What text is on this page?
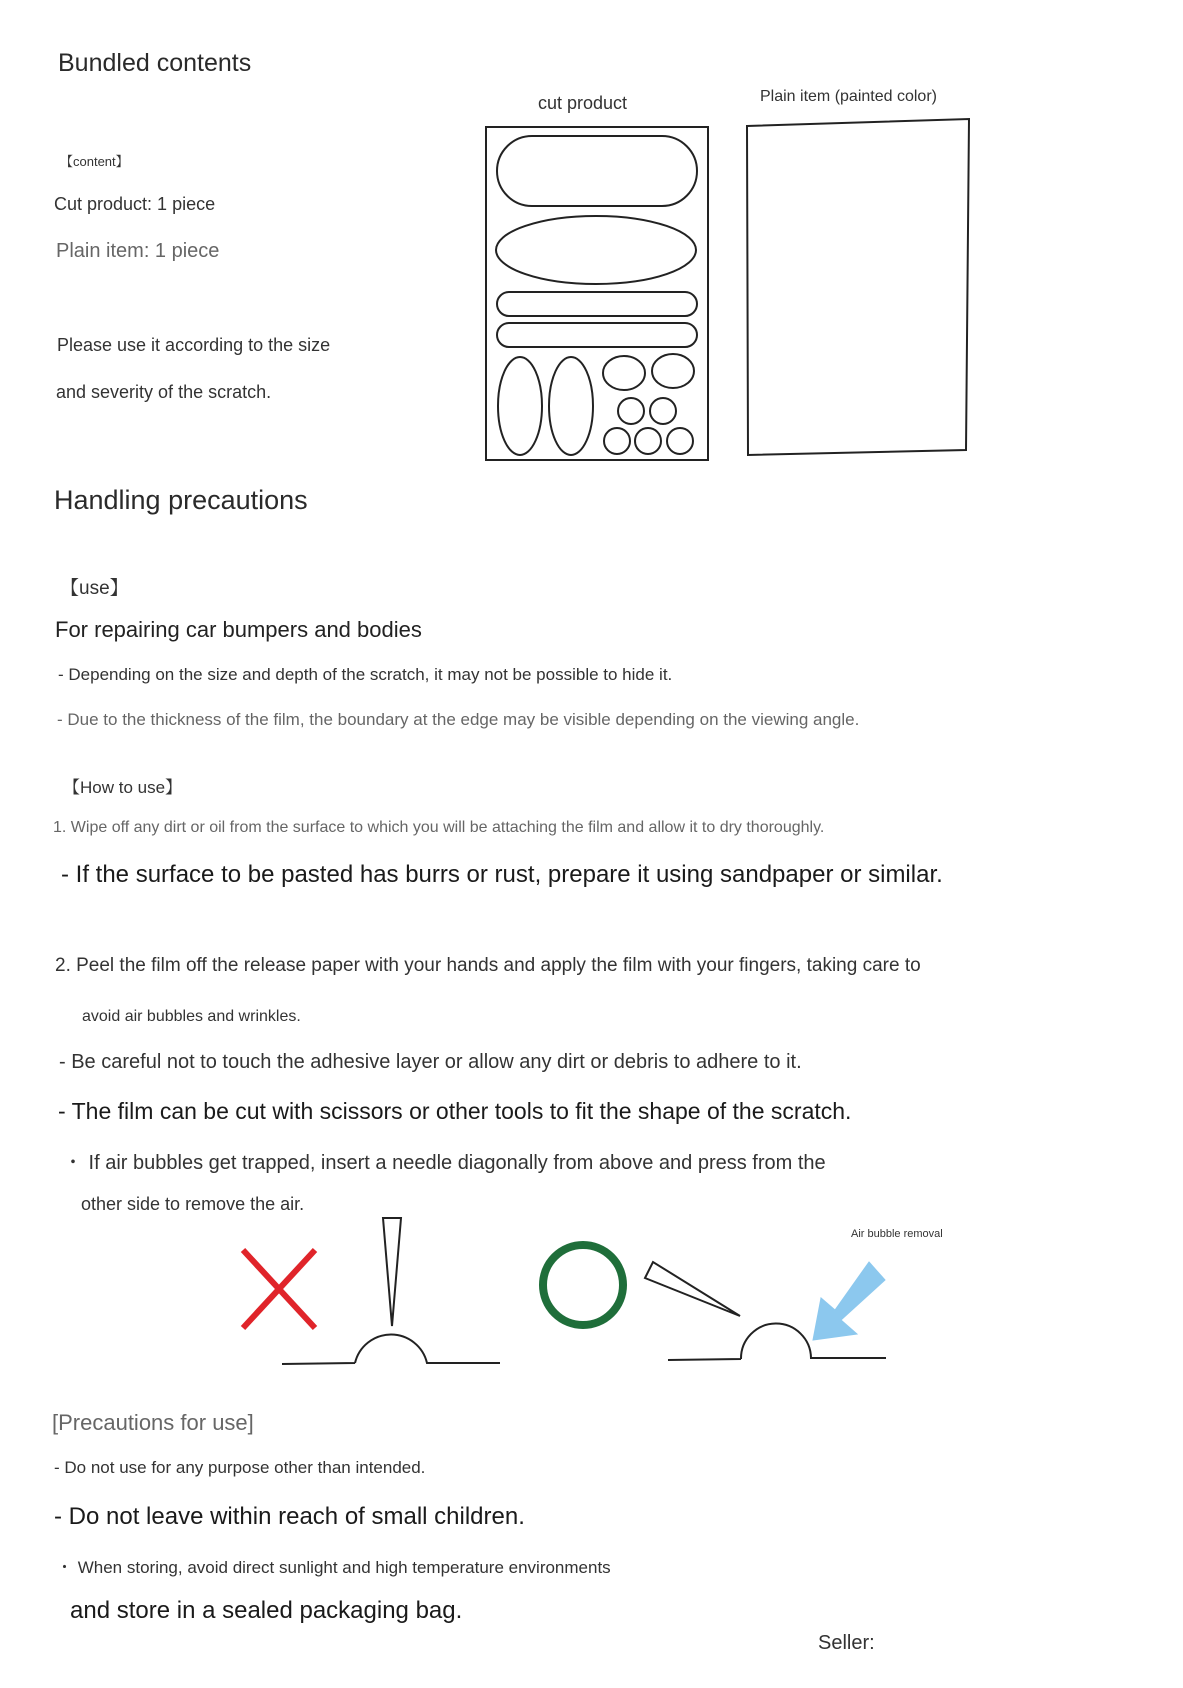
Bundled contents
【content】
Cut product: 1 piece
Plain item: 1 piece
Please use it according to the size
and severity of the scratch.
cut product	Plain item (painted color)
Handling precautions
【use】
For repairing car bumpers and bodies
- Depending on the size and depth of the scratch, it may not be possible to hide it.
- Due to the thickness of the film, the boundary at the edge may be visible depending on the viewing angle.
【How to use】
1. Wipe off any dirt or oil from the surface to which you will be attaching the film and allow it to dry thoroughly.
- If the surface to be pasted has burrs or rust, prepare it using sandpaper or similar.
2. Peel the film off the release paper with your hands and apply the film with your fingers, taking care to
avoid air bubbles and wrinkles.
- Be careful not to touch the adhesive layer or allow any dirt or debris to adhere to it.
- The film can be cut with scissors or other tools to fit the shape of the scratch.
・ If air bubbles get trapped, insert a needle diagonally from above and press from the
other side to remove the air.
Air bubble removal
[Precautions for use]
- Do not use for any purpose other than intended.
- Do not leave within reach of small children.
・ When storing, avoid direct sunlight and high temperature environments
and store in a sealed packaging bag.
Seller:
